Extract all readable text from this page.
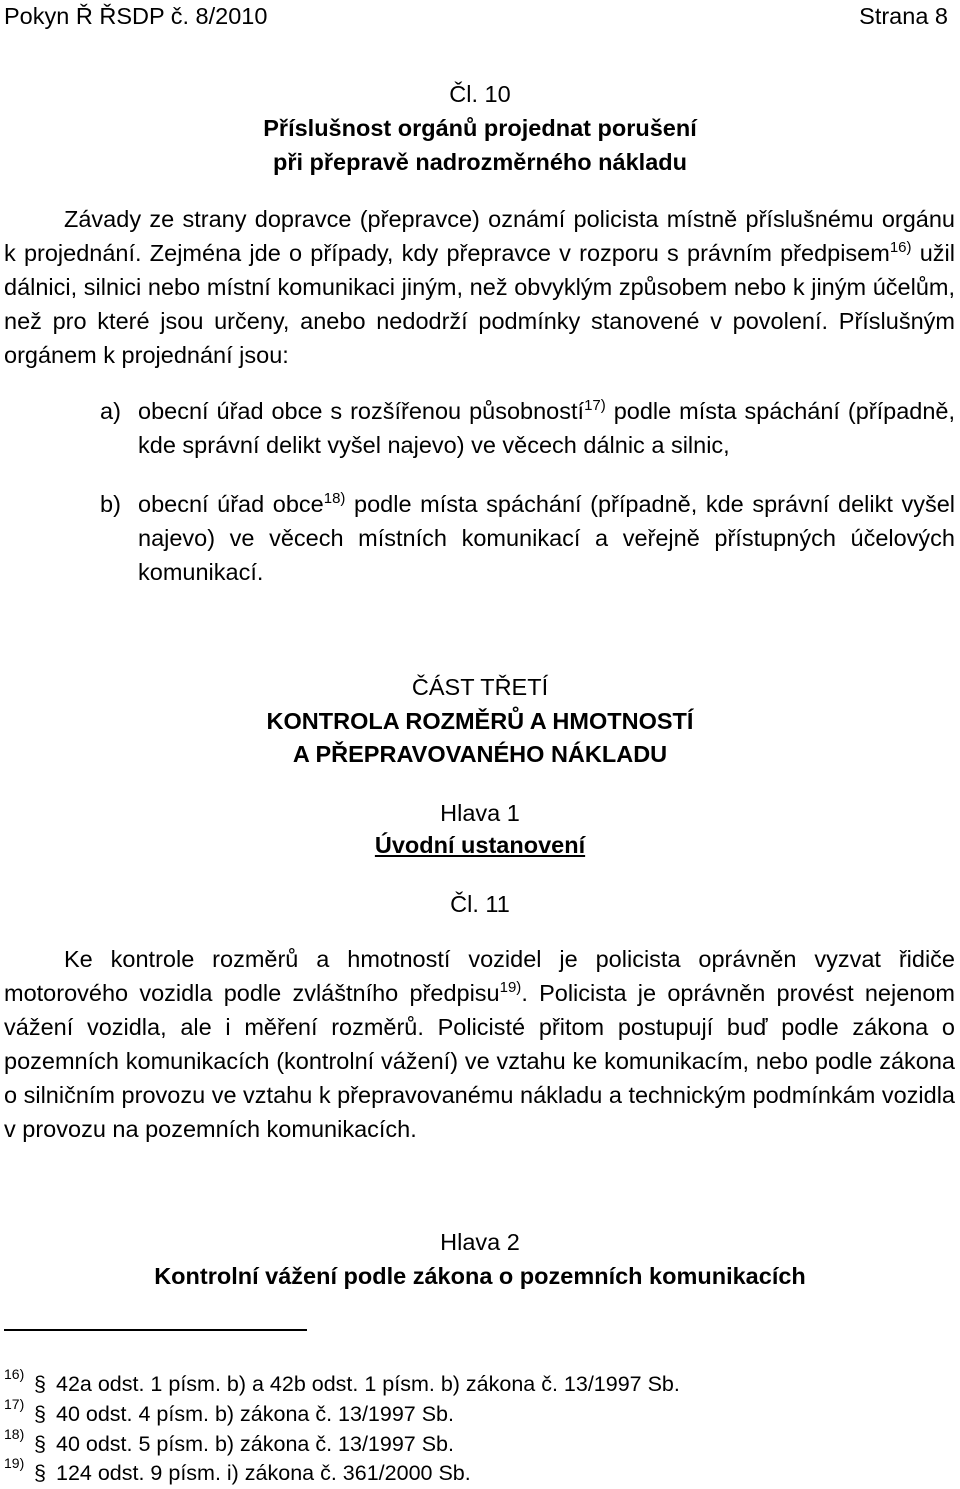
Pokyn Ř ŘSDP č. 8/2010	Strana 8
Čl. 10
Příslušnost orgánů projednat porušení
při přepravě nadrozměrného nákladu
Závady ze strany dopravce (přepravce) oznámí policista místně příslušnému orgánu k projednání. Zejména jde o případy, kdy přepravce v rozporu s právním předpisem$^{16)}$ užil dálnici, silnici nebo místní komunikaci jiným, než obvyklým způsobem nebo k jiným účelům, než pro které jsou určeny, anebo nedodrží podmínky stanovené v povolení. Příslušným orgánem k projednání jsou:
a) obecní úřad obce s rozšířenou působností$^{17)}$ podle místa spáchání (případně, kde správní delikt vyšel najevo) ve věcech dálnic a silnic,
b) obecní úřad obce$^{18)}$ podle místa spáchání (případně, kde správní delikt vyšel najevo) ve věcech místních komunikací a veřejně přístupných účelových komunikací.
ČÁST TŘETÍ
KONTROLA ROZMĚRŮ A HMOTNOSTÍ
A PŘEPRAVOVANÉHO NÁKLADU
Hlava 1
Úvodní ustanovení
Čl. 11
Ke kontrole rozměrů a hmotností vozidel je policista oprávněn vyzvat řidiče motorového vozidla podle zvláštního předpisu$^{19)}$. Policista je oprávněn provést nejenom vážení vozidla, ale i měření rozměrů. Policisté přitom postupují buď podle zákona o pozemních komunikacích (kontrolní vážení) ve vztahu ke komunikacím, nebo podle zákona o silničním provozu ve vztahu k přepravovanému nákladu a technickým podmínkám vozidla v provozu na pozemních komunikacích.
Hlava 2
Kontrolní vážení podle zákona o pozemních komunikacích
16) § 42a odst. 1 písm. b) a 42b odst. 1 písm. b) zákona č. 13/1997 Sb.
17) § 40 odst. 4 písm. b) zákona č. 13/1997 Sb.
18) § 40 odst. 5 písm. b) zákona č. 13/1997 Sb.
19) § 124 odst. 9 písm. i) zákona č. 361/2000 Sb.
